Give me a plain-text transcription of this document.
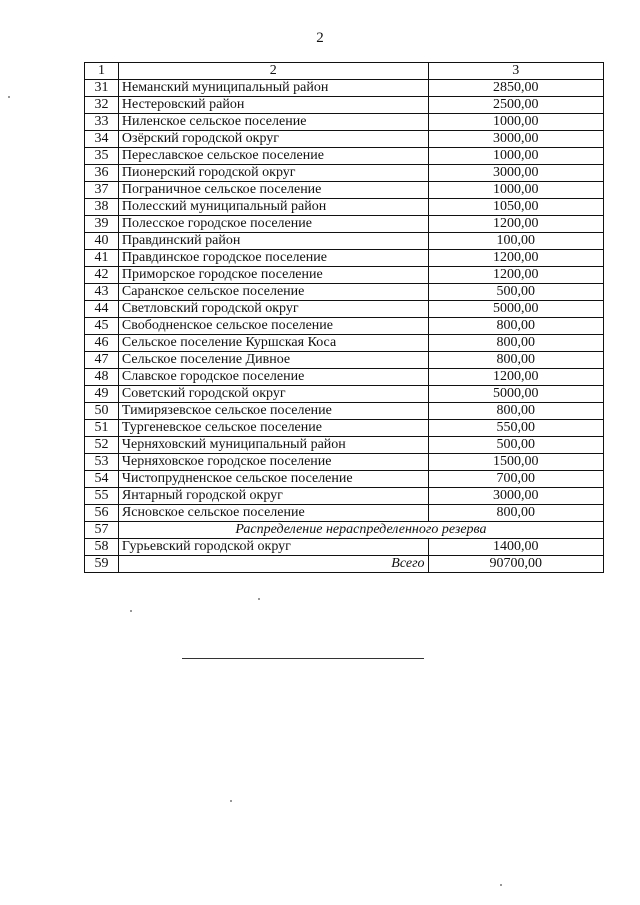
2
1	2	3
31	Неманский муниципальный район	2850,00
32	Нестеровский район	2500,00
33	Ниленское сельское поселение	1000,00
34	Озёрский городской округ	3000,00
35	Переславское сельское поселение	1000,00
36	Пионерский городской округ	3000,00
37	Пограничное сельское поселение	1000,00
38	Полесский муниципальный район	1050,00
39	Полесское городское поселение	1200,00
40	Правдинский район	100,00
41	Правдинское городское поселение	1200,00
42	Приморское городское поселение	1200,00
43	Саранское сельское поселение	500,00
44	Светловский городской округ	5000,00
45	Свободненское сельское поселение	800,00
46	Сельское поселение Куршская Коса	800,00
47	Сельское поселение Дивное	800,00
48	Славское городское поселение	1200,00
49	Советский городской округ	5000,00
50	Тимирязевское сельское поселение	800,00
51	Тургеневское сельское поселение	550,00
52	Черняховский муниципальный район	500,00
53	Черняховское городское поселение	1500,00
54	Чистопрудненское сельское поселение	700,00
55	Янтарный городской округ	3000,00
56	Ясновское сельское поселение	800,00
57	Распределение нераспределенного резерва	
58	Гурьевский городской округ	1400,00
59	Всего	90700,00
